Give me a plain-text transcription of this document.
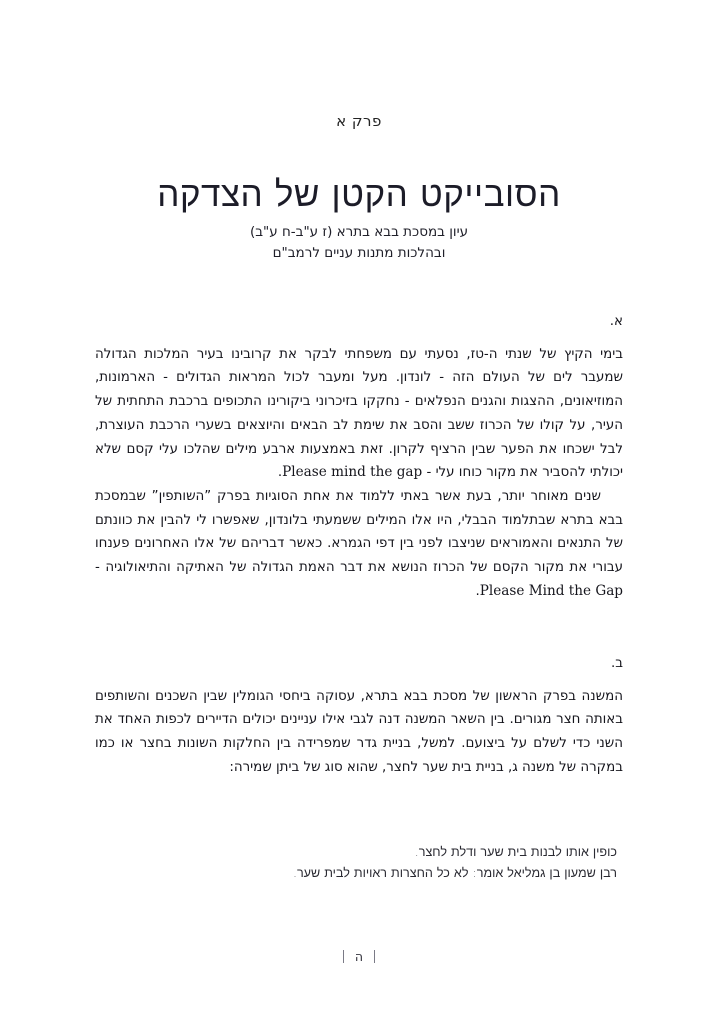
פרק א
הסובייקט הקטן של הצדקה
עיון במסכת בבא בתרא (ז ע"ב-ח ע"ב)
ובהלכות מתנות עניים לרמב"ם
א.

בימי הקיץ של שנתי ה-טז, נסעתי עם משפחתי לבקר את קרובינו בעיר המלכות הגדולה שמעבר לים של העולם הזה - לונדון. מעל ומעבר לכול המראות הגדולים - הארמונות, המוזיאונים, ההצגות והגנים הנפלאים - נחקקו בזיכרוני ביקורינו התכופים ברכבת התחתית של העיר, על קולו של הכרוז ששב והסב את שימת לב הבאים והיוצאים בשערי הרכבת העוצרת, לבל ישכחו את הפער שבין הרציף לקרון. זאת באמצעות ארבע מילים שהלכו עלי קסם שלא יכולתי להסביר את מקור כוחו עלי - Please mind the gap.

שנים מאוחר יותר, בעת אשר באתי ללמוד את אחת הסוגיות בפרק ”השותפין” שבמסכת בבא בתרא שבתלמוד הבבלי, היו אלו המילים ששמעתי בלונדון, שאפשרו לי להבין את כוונתם של התנאים והאמוראים שניצבו לפני בין דפי הגמרא. כאשר דבריהם של אלו האחרונים פענחו עבורי את מקור הקסם של הכרוז הנושא את דבר האמת הגדולה של האתיקה והתיאולוגיה - Please Mind the Gap.

ב.

המשנה בפרק הראשון של מסכת בבא בתרא, עסוקה ביחסי הגומלין שבין השכנים והשותפים באותה חצר מגורים. בין השאר המשנה דנה לגבי אילו עניינים יכולים הדיירים לכפות האחד את השני כדי לשלם על ביצועם. למשל, בניית גדר שמפרידה בין החלקות השונות בחצר או כמו במקרה של משנה ג, בניית בית שער לחצר, שהוא סוג של ביתן שמירה:

כופין אותו לבנות בית שער ודלת לחצר.
רבן שמעון בן גמליאל אומר: לא כל החצרות ראויות לבית שער.
ה
